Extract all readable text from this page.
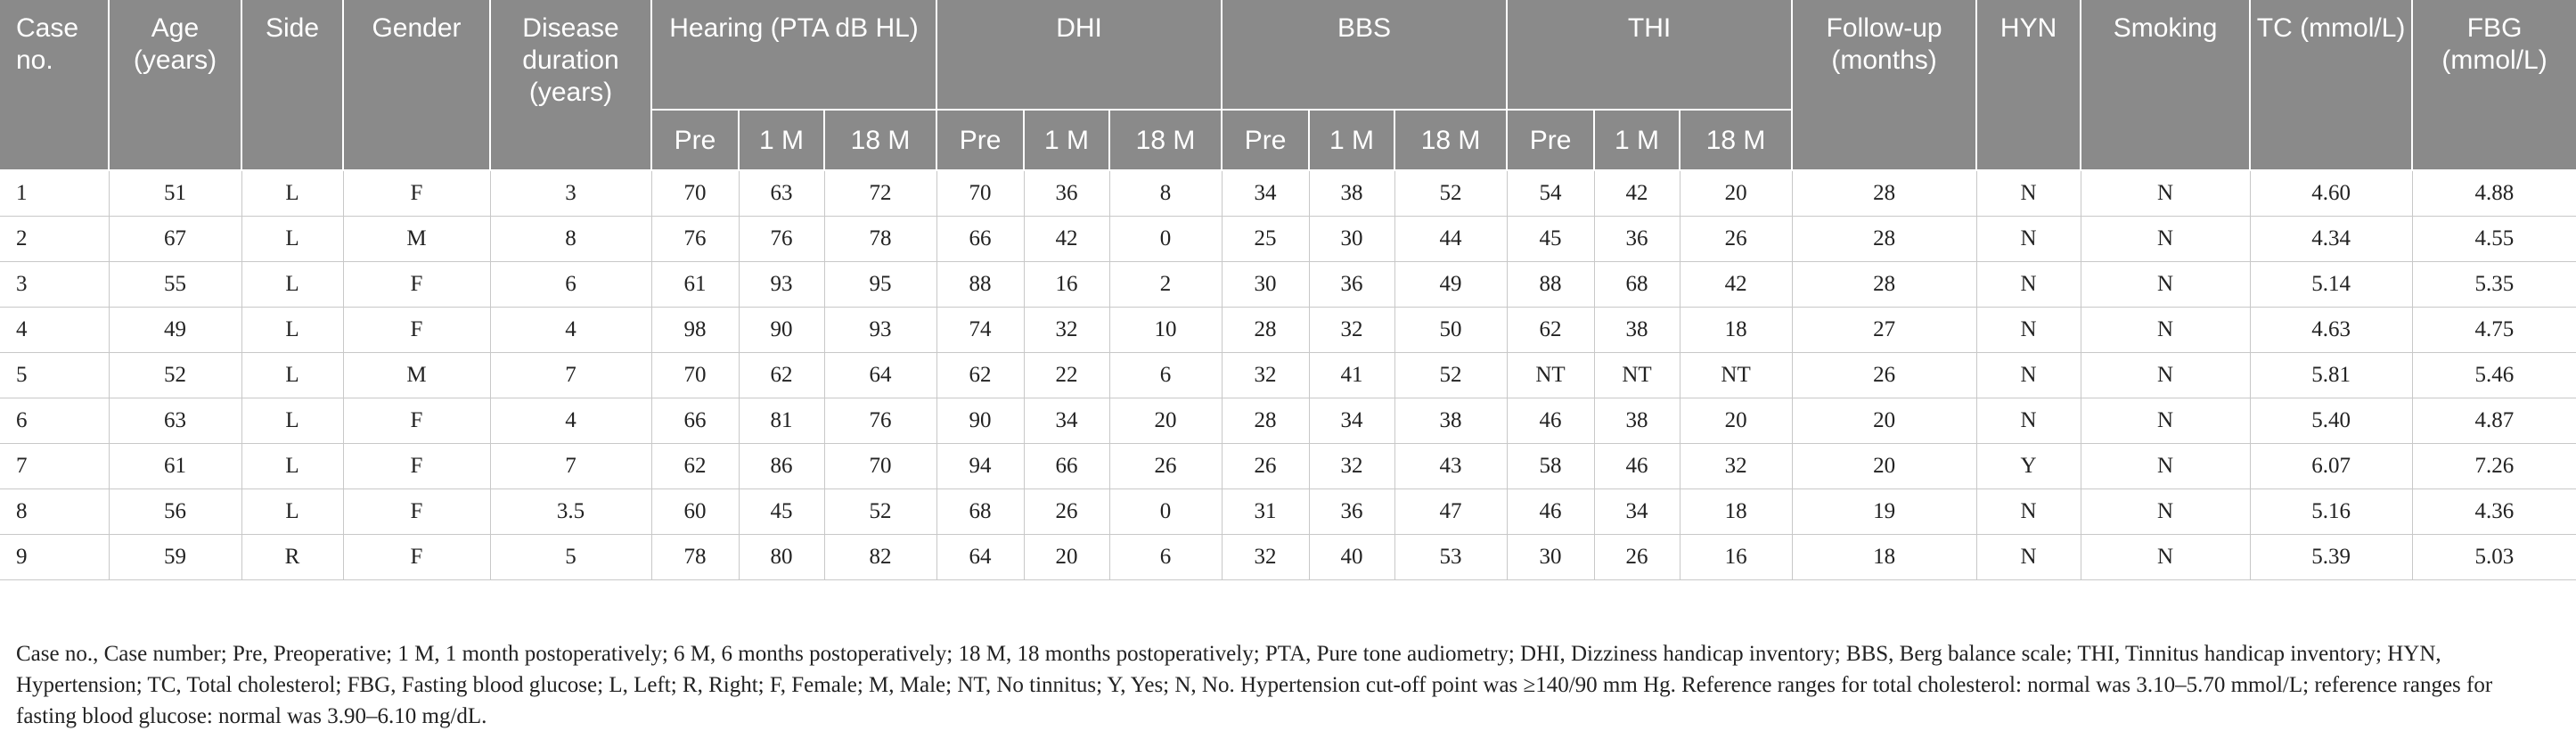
Case no.	Age (years)	Side	Gender	Disease duration (years)	Hearing (PTA dB HL)			DHI			BBS			THI			Follow-up (months)	HYN	Smoking	TC (mmol/L)	FBG (mmol/L)
					Pre	1 M	18 M	Pre	1 M	18 M	Pre	1 M	18 M	Pre	1 M	18 M					
1	51	L	F	3	70	63	72	70	36	8	34	38	52	54	42	20	28	N	N	4.60	4.88
2	67	L	M	8	76	76	78	66	42	0	25	30	44	45	36	26	28	N	N	4.34	4.55
3	55	L	F	6	61	93	95	88	16	2	30	36	49	88	68	42	28	N	N	5.14	5.35
4	49	L	F	4	98	90	93	74	32	10	28	32	50	62	38	18	27	N	N	4.63	4.75
5	52	L	M	7	70	62	64	62	22	6	32	41	52	NT	NT	NT	26	N	N	5.81	5.46
6	63	L	F	4	66	81	76	90	34	20	28	34	38	46	38	20	20	N	N	5.40	4.87
7	61	L	F	7	62	86	70	94	66	26	26	32	43	58	46	32	20	Y	N	6.07	7.26
8	56	L	F	3.5	60	45	52	68	26	0	31	36	47	46	34	18	19	N	N	5.16	4.36
9	59	R	F	5	78	80	82	64	20	6	32	40	53	30	26	16	18	N	N	5.39	5.03
Case no., Case number; Pre, Preoperative; 1 M, 1 month postoperatively; 6 M, 6 months postoperatively; 18 M, 18 months postoperatively; PTA, Pure tone audiometry; DHI, Dizziness handicap inventory; BBS, Berg balance scale; THI, Tinnitus handicap inventory; HYN, Hypertension; TC, Total cholesterol; FBG, Fasting blood glucose; L, Left; R, Right; F, Female; M, Male; NT, No tinnitus; Y, Yes; N, No. Hypertension cut-off point was ≥140/90 mm Hg. Reference ranges for total cholesterol: normal was 3.10–5.70 mmol/L; reference ranges for fasting blood glucose: normal was 3.90–6.10 mg/dL.
